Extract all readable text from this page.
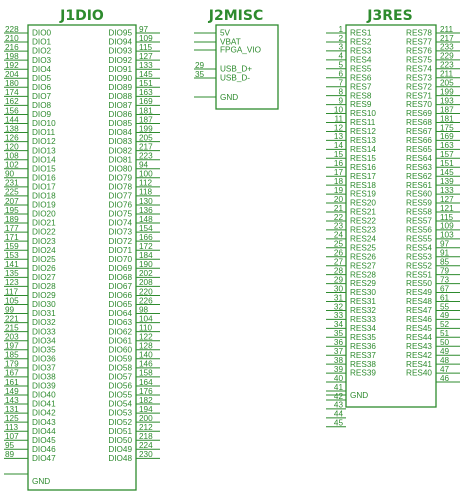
J1DIO
228 DIO0
210 DIO1
216 DIO2
198 DIO3
192 DIO4
204 DIO5
180 DIO6
174 DIO7
162 DIO8
156 DIO9
144 DIO10
138 DIO11
126 DIO12
120 DIO13
108 DIO14
102 DIO15
90 DIO16
231 DIO17
225 DIO18
207 DIO19
195 DIO20
189 DIO21
177 DIO22
171 DIO23
159 DIO24
153 DIO25
141 DIO26
135 DIO27
123 DIO28
117 DIO29
105 DIO30
99 DIO31
221 DIO32
215 DIO33
203 DIO34
197 DIO35
185 DIO36
179 DIO37
167 DIO38
161 DIO39
149 DIO40
143 DIO41
131 DIO42
125 DIO43
113 DIO44
107 DIO45
95 DIO46
89 DIO47
97
DIO95
109
DIO94
115
DIO93
127
DIO92
133
DIO91
145
DIO90
151
DIO89
163
DIO88
169
DIO87
181
DIO86
187
DIO85
199
DIO84
205
DIO83
217
DIO82
223
DIO81
94
DIO80
100
DIO79
112
DIO78
118
DIO77
130
DIO76
136
DIO75
148
DIO74
154
DIO73
166
DIO72
172
DIO71
184
DIO70
190
DIO69
202
DIO68
208
DIO67
220
DIO66
226
DIO65
98
DIO64
104
DIO63
110
DIO62
122
DIO61
128
DIO60
140
DIO59
146
DIO58
158
DIO57
164
DIO56
176
DIO55
182
DIO54
194
DIO53
200
DIO52
212
DIO51
218
DIO50
224
DIO49
230
DIO48
GND
J2MISC
5V
VBAT
FPGA_VIO
29 USB_D+
35 USB_D-
GND
J3RES
1 RES1
2 RES2
3 RES3
4 RES4
5 RES5
6 RES6
7 RES7
8 RES8
9 RES9
10 RES10
11 RES11
12 RES12
13 RES13
14 RES14
15 RES15
16 RES16
17 RES17
18 RES18
19 RES19
20 RES20
21 RES21
22 RES22
23 RES23
24 RES24
25 RES25
26 RES26
27 RES27
28 RES28
29 RES29
30 RES30
31 RES31
32 RES32
33 RES33
34 RES34
35 RES35
36 RES36
37 RES37
38 RES38
39 RES39
40
41
42
43
44
45
211
RES78
217
RES77
233
RES76
229
RES75
223
RES74
211
RES73
205
RES72
199
RES71
193
RES70
187
RES69
181
RES68
175
RES67
169
RES66
163
RES65
157
RES64
151
RES63
145
RES62
139
RES61
133
RES60
127
RES59
121
RES58
115
RES57
109
RES56
103
RES55
97
RES54
91
RES53
85
RES52
79
RES51
73
RES50
67
RES49
61
RES48
55
RES47
49
RES46
52
RES45
51
RES44
50
RES43
49
RES42
48
RES41
47
RES40
46
GND
